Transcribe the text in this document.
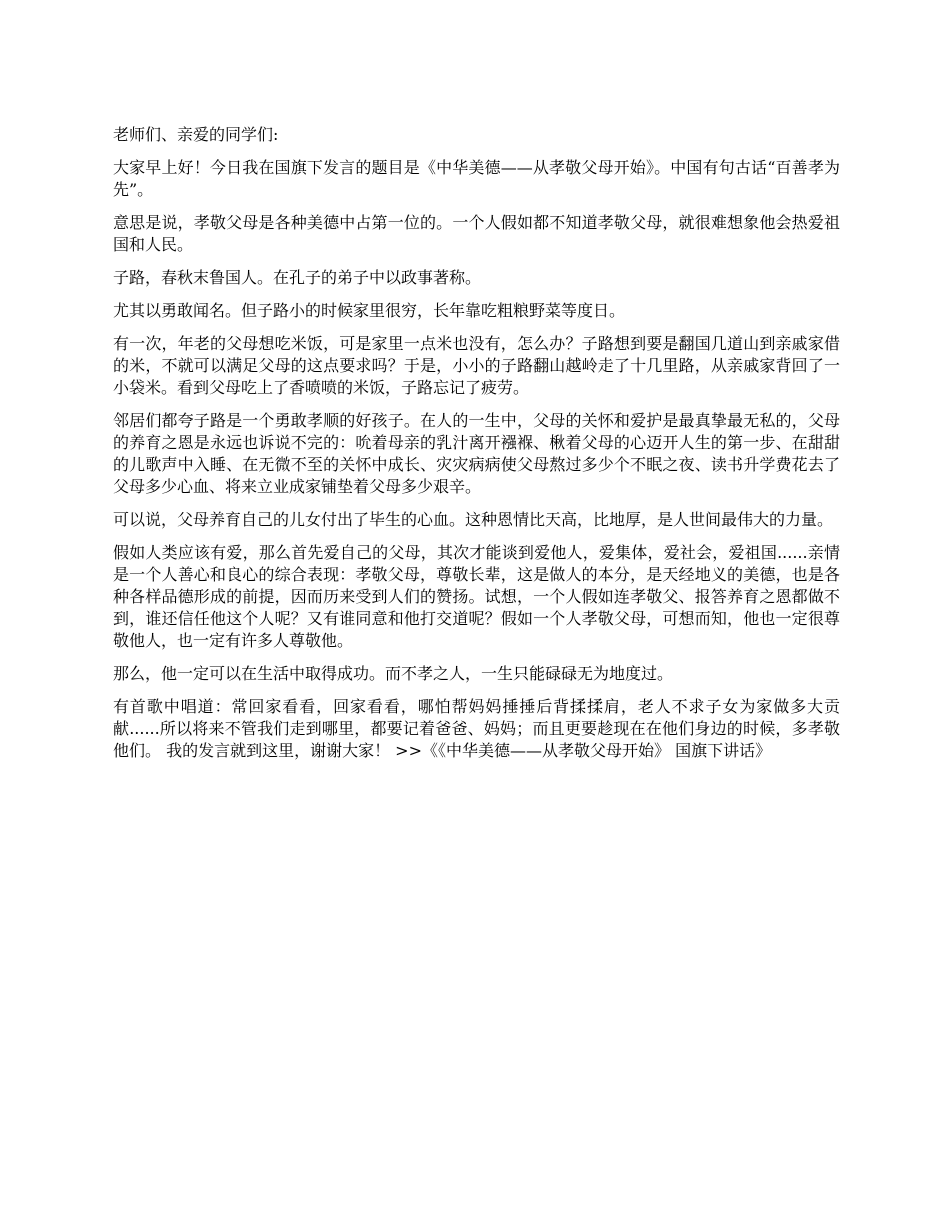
老师们、亲爱的同学们:

大家早上好！今日我在国旗下发言的题目是《中华美德——从孝敬父母开始》。中国有句古话“百善孝为先”。

意思是说，孝敬父母是各种美德中占第一位的。一个人假如都不知道孝敬父母，就很难想象他会热爱祖国和人民。

子路，春秋末鲁国人。在孔子的弟子中以政事著称。

尤其以勇敢闻名。但子路小的时候家里很穷，长年靠吃粗粮野菜等度日。

有一次，年老的父母想吃米饭，可是家里一点米也没有，怎么办？子路想到要是翻国几道山到亲戚家借的米，不就可以满足父母的这点要求吗？于是，小小的子路翻山越岭走了十几里路，从亲戚家背回了一小袋米。看到父母吃上了香喷喷的米饭，子路忘记了疲劳。

邻居们都夸子路是一个勇敢孝顺的好孩子。在人的一生中，父母的关怀和爱护是最真挚最无私的，父母的养育之恩是永远也诉说不完的：吮着母亲的乳汁离开襁褓、楸着父母的心迈开人生的第一步、在甜甜的儿歌声中入睡、在无微不至的关怀中成长、灾灾病病使父母熬过多少个不眠之夜、读书升学费花去了父母多少心血、将来立业成家铺垫着父母多少艰辛。

可以说，父母养育自己的儿女付出了毕生的心血。这种恩情比天高，比地厚，是人世间最伟大的力量。

假如人类应该有爱，那么首先爱自己的父母，其次才能谈到爱他人，爱集体，爱社会，爱祖国......亲情是一个人善心和良心的综合表现：孝敬父母，尊敬长辈，这是做人的本分，是天经地义的美德，也是各种各样品德形成的前提，因而历来受到人们的赞扬。试想，一个人假如连孝敬父、报答养育之恩都做不到，谁还信任他这个人呢？又有谁同意和他打交道呢？假如一个人孝敬父母，可想而知，他也一定很尊敬他人，也一定有许多人尊敬他。

那么，他一定可以在生活中取得成功。而不孝之人，一生只能碌碌无为地度过。

有首歌中唱道：常回家看看，回家看看，哪怕帮妈妈捶捶后背揉揉肩，老人不求子女为家做多大贡献......所以将来不管我们走到哪里，都要记着爸爸、妈妈；而且更要趁现在在他们身边的时候，多孝敬他们。 我的发言就到这里，谢谢大家！ >>《《中华美德——从孝敬父母开始》 国旗下讲话》
